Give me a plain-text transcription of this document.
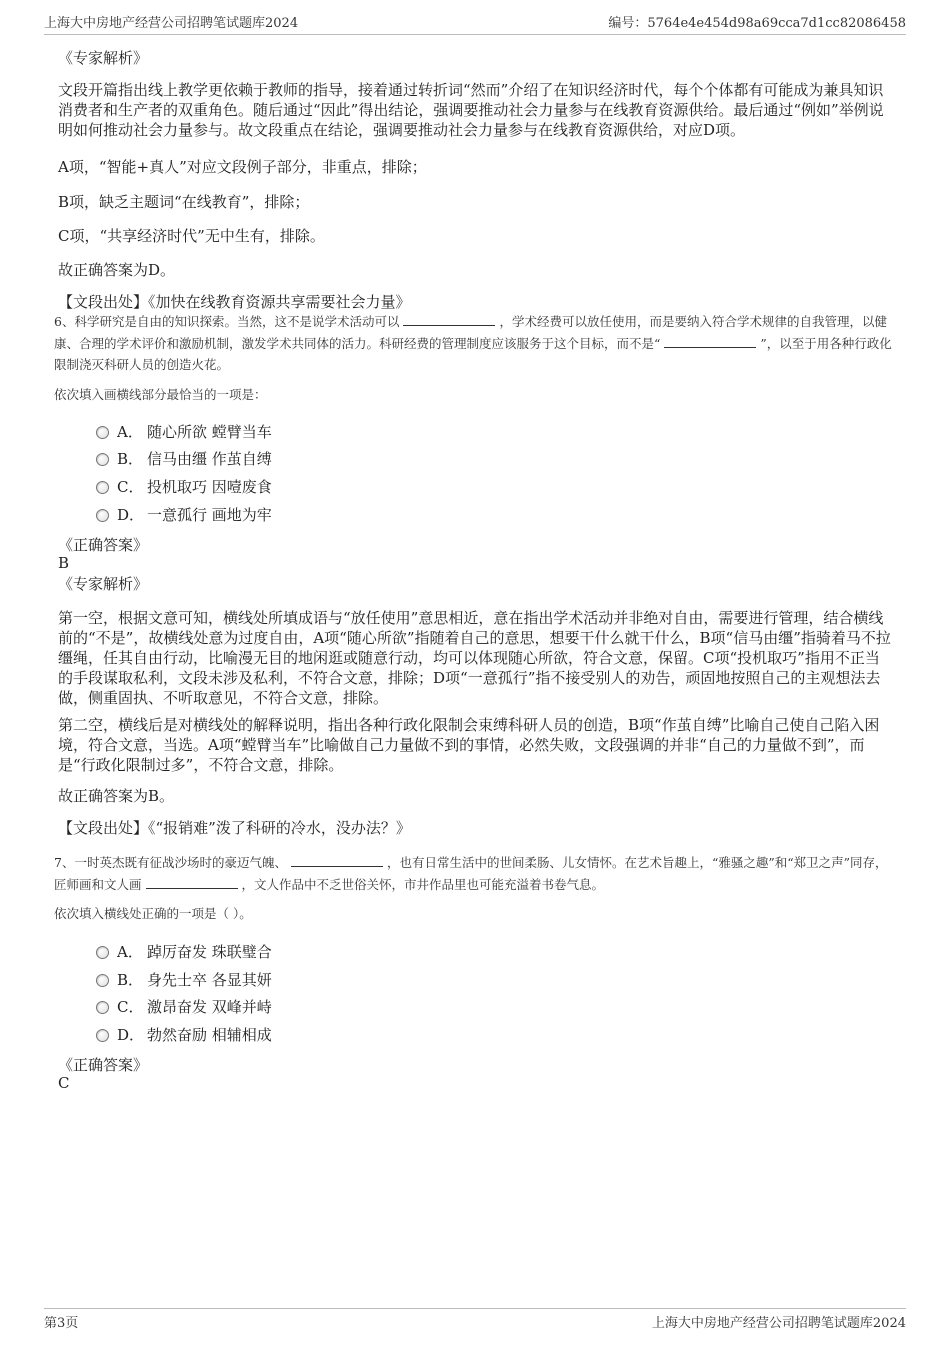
上海大中房地产经营公司招聘笔试题库2024	编号：5764e4e454d98a69cca7d1cc82086458
《专家解析》
文段开篇指出线上教学更依赖于教师的指导，接着通过转折词“然而”介绍了在知识经济时代，每个个体都有可能成为兼具知识消费者和生产者的双重角色。随后通过“因此”得出结论，强调要推动社会力量参与在线教育资源供给。最后通过“例如”举例说明如何推动社会力量参与。故文段重点在结论，强调要推动社会力量参与在线教育资源供给，对应D项。
A项，“智能+真人”对应文段例子部分，非重点，排除；
B项，缺乏主题词“在线教育”，排除；
C项，“共享经济时代”无中生有，排除。
故正确答案为D。
【文段出处】《加快在线教育资源共享需要社会力量》
6、科学研究是自由的知识探索。当然，这不是说学术活动可以	，学术经费可以放任使用，而是要纳入符合学术规律的自我管理，以健康、合理的学术评价和激励机制，激发学术共同体的活力。科研经费的管理制度应该服务于这个目标，而不是“	”，以至于用各种行政化限制浇灭科研人员的创造火花。
依次填入画横线部分最恰当的一项是：
A． 随心所欲 螳臂当车
B． 信马由缰 作茧自缚
C． 投机取巧 因噎废食
D． 一意孤行 画地为牢
《正确答案》
B
《专家解析》
第一空，根据文意可知，横线处所填成语与“放任使用”意思相近，意在指出学术活动并非绝对自由，需要进行管理，结合横线前的“不是”，故横线处意为过度自由，A项“随心所欲”指随着自己的意思，想要干什么就干什么，B项“信马由缰”指骑着马不拉缰绳，任其自由行动，比喻漫无目的地闲逛或随意行动，均可以体现随心所欲，符合文意，保留。C项“投机取巧”指用不正当的手段谋取私利，文段未涉及私利，不符合文意，排除；D项“一意孤行”指不接受别人的劝告，顽固地按照自己的主观想法去做，侧重固执、不听取意见，不符合文意，排除。
第二空，横线后是对横线处的解释说明，指出各种行政化限制会束缚科研人员的创造，B项“作茧自缚”比喻自己使自己陷入困境，符合文意，当选。A项“螳臂当车”比喻做自己力量做不到的事情，必然失败，文段强调的并非“自己的力量做不到”，而是“行政化限制过多”，不符合文意，排除。
故正确答案为B。
【文段出处】《“报销难”泼了科研的冷水，没办法？》
7、一时英杰既有征战沙场时的豪迈气魄、	，也有日常生活中的世间柔肠、儿女情怀。在艺术旨趣上，“雅骚之趣”和“郑卫之声”同存，匠师画和文人画	，文人作品中不乏世俗关怀，市井作品里也可能充溢着书卷气息。
依次填入横线处正确的一项是（ ）。
A． 踔厉奋发 珠联璧合
B． 身先士卒 各显其妍
C． 激昂奋发 双峰并峙
D． 勃然奋励 相辅相成
《正确答案》
C
第3页	上海大中房地产经营公司招聘笔试题库2024
